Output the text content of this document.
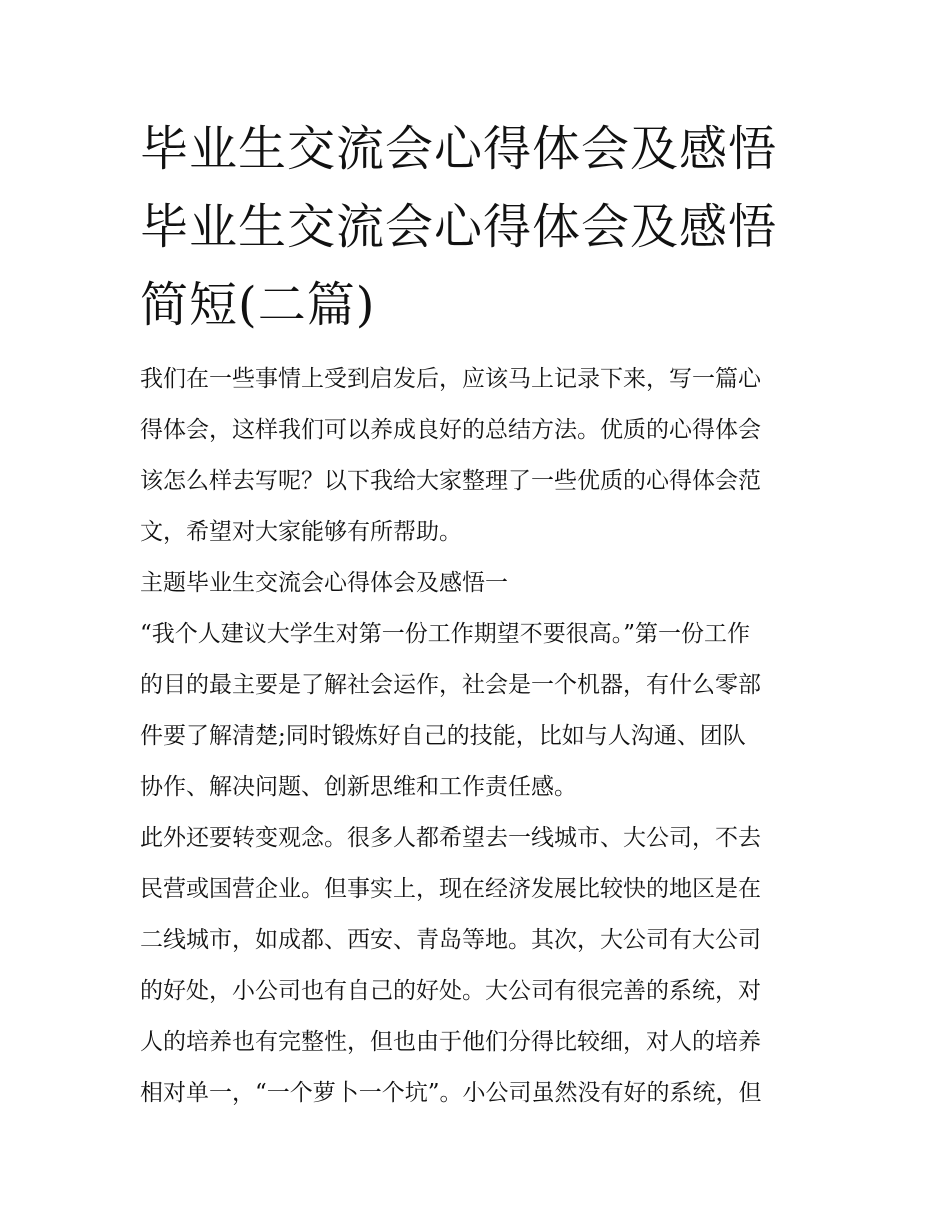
毕业生交流会心得体会及感悟
毕业生交流会心得体会及感悟
简短(二篇)

我们在一些事情上受到启发后，应该马上记录下来，写一篇心
得体会，这样我们可以养成良好的总结方法。优质的心得体会
该怎么样去写呢？以下我给大家整理了一些优质的心得体会范
文，希望对大家能够有所帮助。

主题毕业生交流会心得体会及感悟一

“我个人建议大学生对第一份工作期望不要很高。”第一份工作
的目的最主要是了解社会运作，社会是一个机器，有什么零部
件要了解清楚;同时锻炼好自己的技能，比如与人沟通、团队
协作、解决问题、创新思维和工作责任感。

此外还要转变观念。很多人都希望去一线城市、大公司，不去
民营或国营企业。但事实上，现在经济发展比较快的地区是在
二线城市，如成都、西安、青岛等地。其次，大公司有大公司
的好处，小公司也有自己的好处。大公司有很完善的系统，对
人的培养也有完整性，但也由于他们分得比较细，对人的培养
相对单一，“一个萝卜一个坑”。小公司虽然没有好的系统，但
